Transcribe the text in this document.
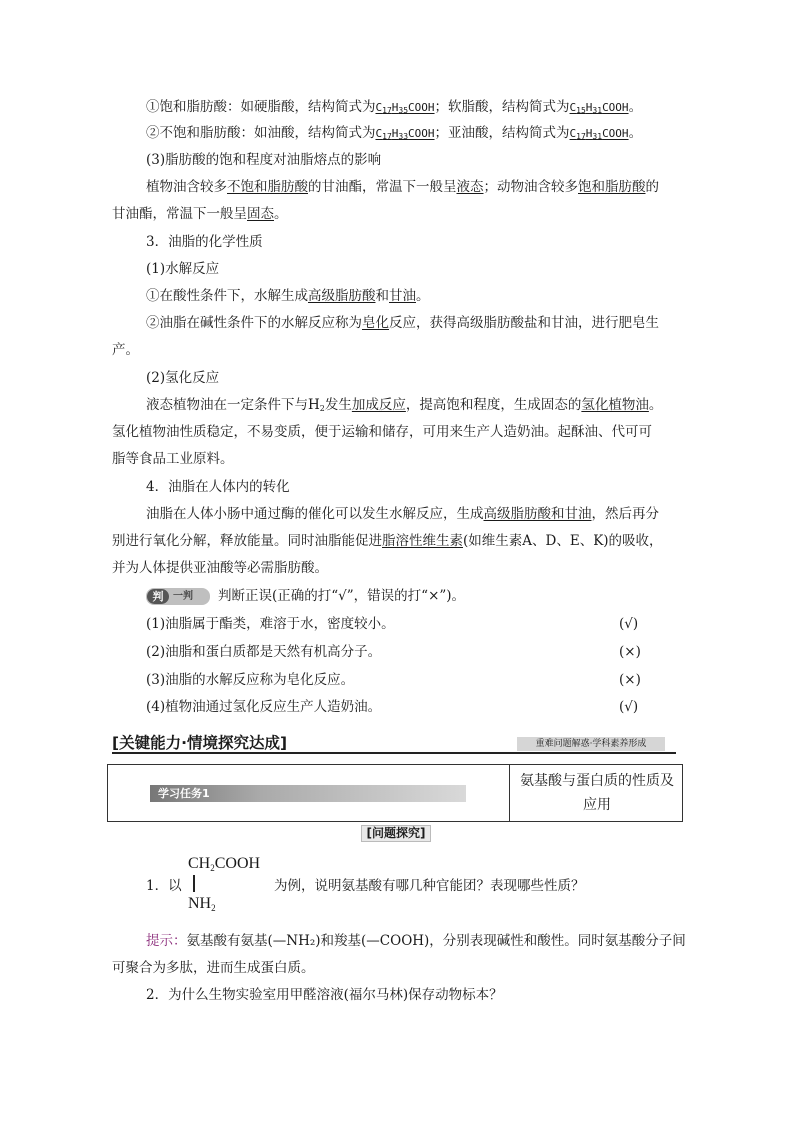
①饱和脂肪酸：如硬脂酸，结构简式为$C_{17}H_{35}COOH$；软脂酸，结构简式为$C_{15}H_{31}COOH$。
②不饱和脂肪酸：如油酸，结构简式为$C_{17}H_{33}COOH$；亚油酸，结构简式为$C_{17}H_{31}COOH$。
(3)脂肪酸的饱和程度对油脂熔点的影响
植物油含较多不饱和脂肪酸的甘油酯，常温下一般呈液态；动物油含较多饱和脂肪酸的
甘油酯，常温下一般呈固态。
3．油脂的化学性质
(1)水解反应
①在酸性条件下，水解生成高级脂肪酸和甘油。
②油脂在碱性条件下的水解反应称为皂化反应，获得高级脂肪酸盐和甘油，进行肥皂生
产。
(2)氢化反应
液态植物油在一定条件下与$H_2$发生加成反应，提高饱和程度，生成固态的氢化植物油。
氢化植物油性质稳定，不易变质，便于运输和储存，可用来生产人造奶油。起酥油、代可可
脂等食品工业原料。
4．油脂在人体内的转化
油脂在人体小肠中通过酶的催化可以发生水解反应，生成高级脂肪酸和甘油，然后再分
别进行氧化分解，释放能量。同时油脂能促进脂溶性维生素(如维生素A、D、E、K)的吸收，
并为人体提供亚油酸等必需脂肪酸。
判 一判 判断正误(正确的打“√”，错误的打“×”)。
(1)油脂属于酯类，难溶于水，密度较小。	(√)
(2)油脂和蛋白质都是天然有机高分子。	(×)
(3)油脂的水解反应称为皂化反应。	(×)
(4)植物油通过氢化反应生产人造奶油。	(√)
[关键能力·情境探究达成]	重难问题解惑·学科素养形成
学习任务1
氨基酸与蛋白质的性质及
应用
[问题探究]
1．以
CH2COOH
NH2
为例，说明氨基酸有哪几种官能团？表现哪些性质？
提示：氨基酸有氨基(—NH₂)和羧基(—COOH)，分别表现碱性和酸性。同时氨基酸分子间
可聚合为多肽，进而生成蛋白质。
2．为什么生物实验室用甲醛溶液(福尔马林)保存动物标本？
